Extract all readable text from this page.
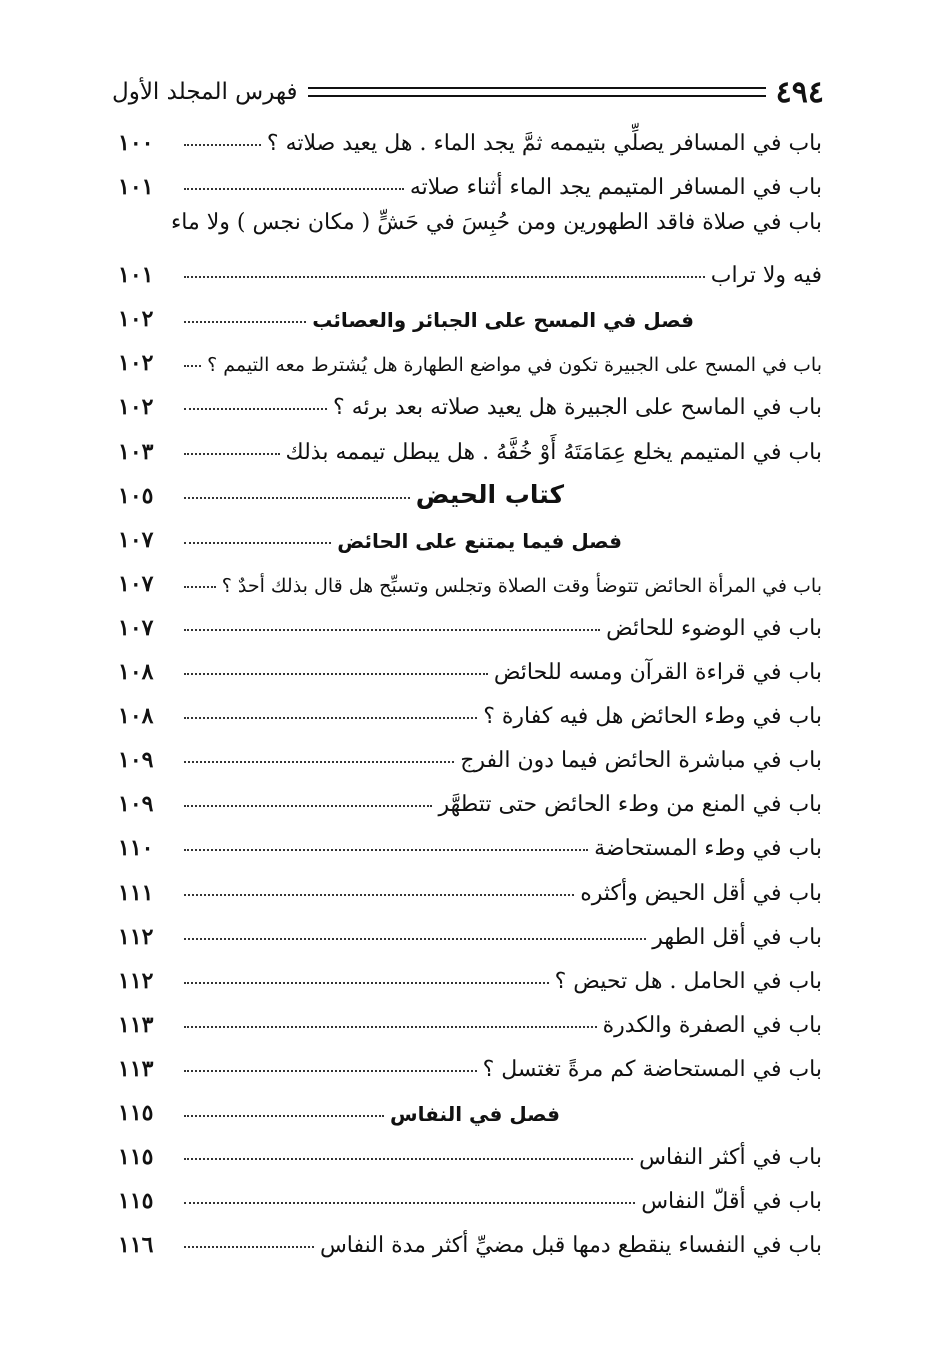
٤٩٤
فهرس المجلد الأول
باب في المسافر يصلِّي بتيممه ثمَّ يجد الماء . هل يعيد صلاته ؟
١٠٠
باب في المسافر المتيمم يجد الماء أثناء صلاته
١٠١
باب في صلاة فاقد الطهورين ومن حُبِسَ في حَشٍّ ( مكان نجس ) ولا ماء
فيه ولا تراب
١٠١
فصل في المسح على الجبائر والعصائب
١٠٢
باب في المسح على الجبيرة تكون في مواضع الطهارة هل يُشترط معه التيمم ؟
١٠٢
باب في الماسح على الجبيرة هل يعيد صلاته بعد برئه ؟
١٠٢
باب في المتيمم يخلع عِمَامَتَهُ أَوْ خُفَّهُ . هل يبطل تيممه بذلك
١٠٣
كتاب الحيض
١٠٥
فصل فيما يمتنع على الحائض
١٠٧
باب في المرأة الحائض تتوضأ وقت الصلاة وتجلس وتسبِّح هل قال بذلك أحدٌ ؟
١٠٧
باب في الوضوء للحائض
١٠٧
باب في قراءة القرآن ومسه للحائض
١٠٨
باب في وطء الحائض هل فيه كفارة ؟
١٠٨
باب في مباشرة الحائض فيما دون الفرج
١٠٩
باب في المنع من وطء الحائض حتى تتطهَّر
١٠٩
باب في وطء المستحاضة
١١٠
باب في أقل الحيض وأكثره
١١١
باب في أقل الطهر
١١٢
باب في الحامل . هل تحيض ؟
١١٢
باب في الصفرة والكدرة
١١٣
باب في المستحاضة كم مرةً تغتسل ؟
١١٣
فصل في النفاس
١١٥
باب في أكثر النفاس
١١٥
باب في أقلّ النفاس
١١٥
باب في النفساء ينقطع دمها قبل مضيِّ أكثر مدة النفاس
١١٦
